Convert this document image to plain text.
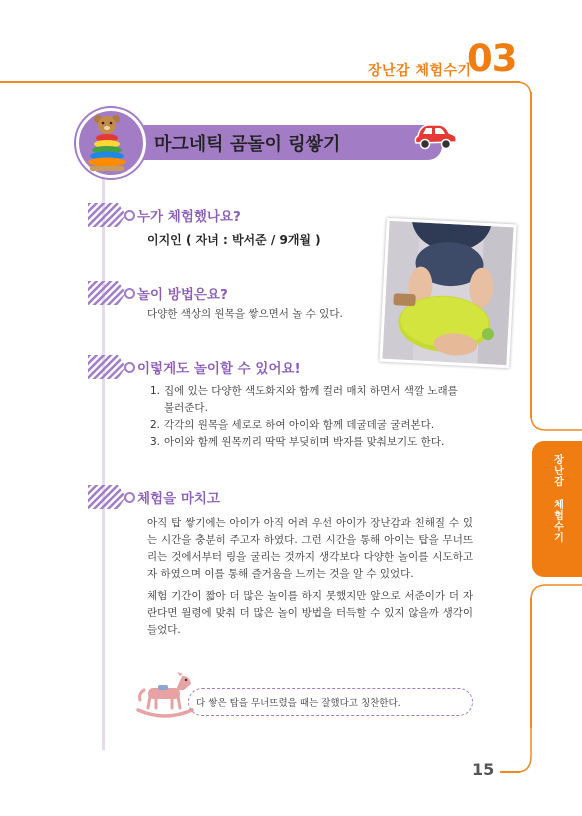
장난감 체험수기
03
마그네틱 곰돌이 링쌓기
누가 체험했나요?
이지인 ( 자녀 : 박서준 / 9개월 )
놀이 방법은요?
다양한 색상의 원목을 쌓으면서 놀 수 있다.
이렇게도 놀이할 수 있어요!
1. 집에 있는 다양한 색도화지와 함께 컬러 매치 하면서 색깔 노래를 불러준다.
2. 각각의 원목을 세로로 하여 아이와 함께 데굴데굴 굴려본다.
3. 아이와 함께 원목끼리 딱딱 부딪히며 박자를 맞춰보기도 한다.
체험을 마치고
아직 탑 쌓기에는 아이가 아직 어려 우선 아이가 장난감과 친해질 수 있는 시간을 충분히 주고자 하였다. 그런 시간을 통해 아이는 탑을 무너뜨리는 것에서부터 링을 굴리는 것까지 생각보다 다양한 놀이를 시도하고자 하였으며 이를 통해 즐거움을 느끼는 것을 알 수 있었다.
체험 기간이 짧아 더 많은 놀이를 하지 못했지만 앞으로 서준이가 더 자란다면 월령에 맞춰 더 많은 놀이 방법을 터득할 수 있지 않을까 생각이 들었다.
장난감 체험수기
다 쌓은 탑을 무너뜨렸을 때는 잘했다고 칭찬한다.
15
